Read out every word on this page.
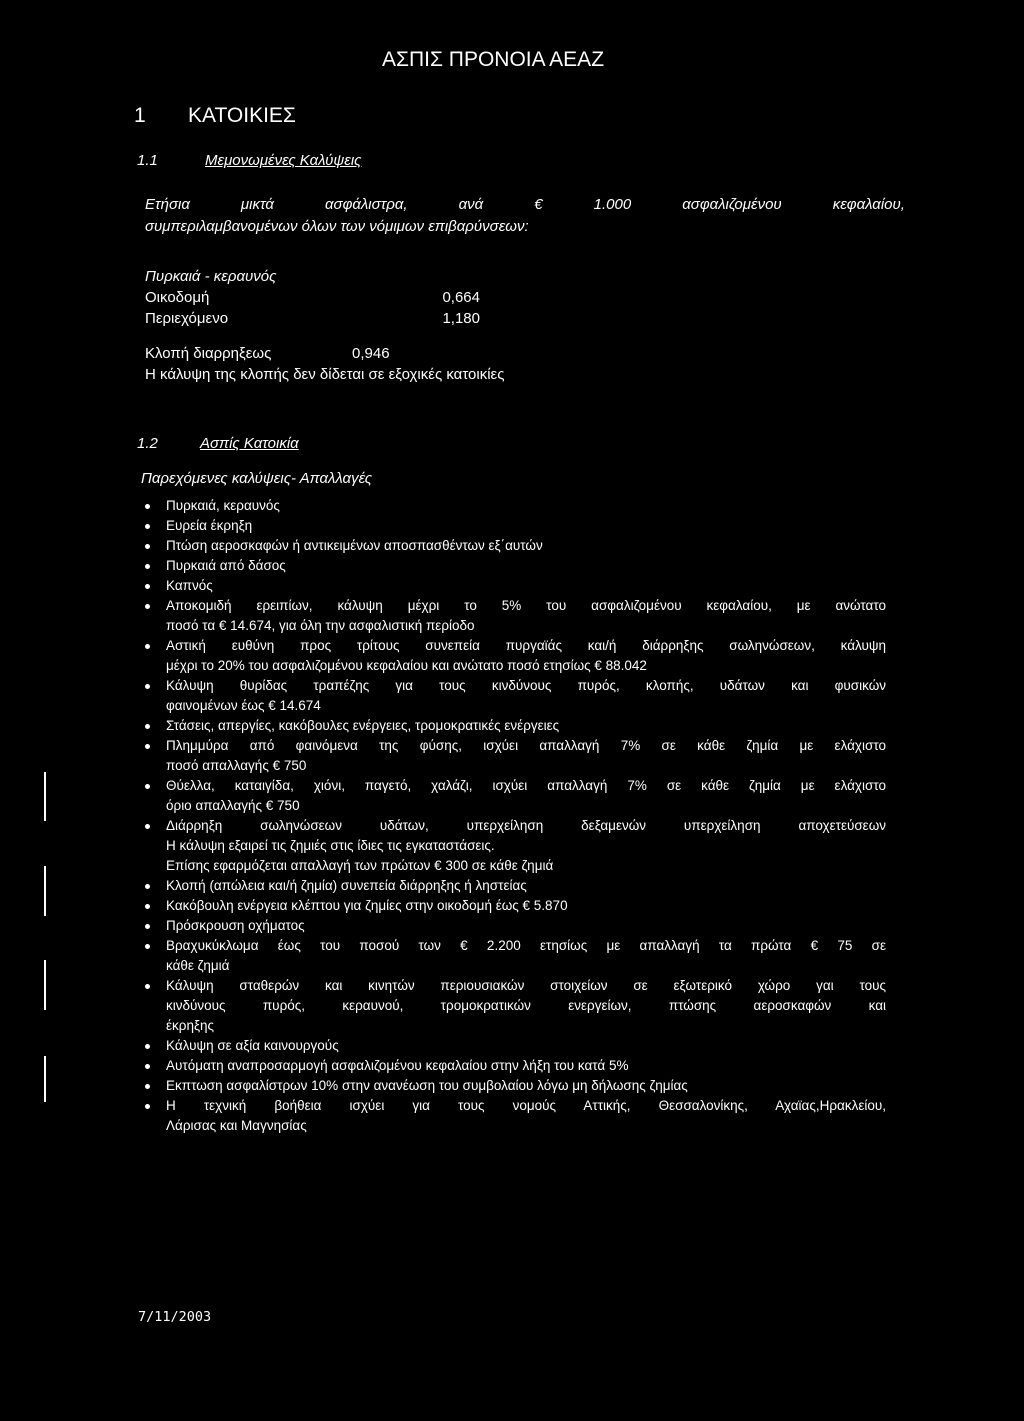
ΑΣΠΙΣ ΠΡΟΝΟΙΑ ΑΕΑΖ
1 ΚΑΤΟΙΚΙΕΣ
1.1	Μεμονωμένες Καλύψεις
Ετήσια	μικτά	ασφάλιστρα,	ανά	€	1.000	ασφαλιζομένου	κεφαλαίου,
συμπεριλαμβανομένων όλων των νόμιμων επιβαρύνσεων:
Πυρκαιά - κεραυνός
Οικοδομή	0,664
Περιεχόμενο	1,180
Κλοπή διαρρηξεως	0,946
Η κάλυψη της κλοπής δεν δίδεται σε εξοχικές κατοικίες
1.2	Ασπίς Κατοικία
Παρεχόμενες καλύψεις- Απαλλαγές
Πυρκαιά, κεραυνός
Ευρεία έκρηξη
Πτώση αεροσκαφών ή αντικειμένων αποσπασθέντων εξ΄αυτών
Πυρκαιά από δάσος
Καπνός
Αποκομιδή ερειπίων, κάλυψη μέχρι το 5% του ασφαλιζομένου κεφαλαίου, με ανώτατο
ποσό τα € 14.674, για όλη την ασφαλιστική περίοδο
Αστική ευθύνη προς τρίτους συνεπεία πυργαϊάς και/ή διάρρηξης σωληνώσεων, κάλυψη
μέχρι το 20% του ασφαλιζομένου κεφαλαίου και ανώτατο ποσό ετησίως € 88.042
Κάλυψη θυρίδας τραπέζης για τους κινδύνους πυρός, κλοπής, υδάτων και φυσικών
φαινομένων έως € 14.674
Στάσεις, απεργίες, κακόβουλες ενέργειες, τρομοκρατικές ενέργειες
Πλημμύρα από φαινόμενα της φύσης, ισχύει απαλλαγή 7% σε κάθε ζημία με ελάχιστο
ποσό απαλλαγής € 750
Θύελλα, καταιγίδα, χιόνι, παγετό, χαλάζι, ισχύει απαλλαγή 7% σε κάθε ζημία με ελάχιστο
όριο απαλλαγής € 750
Διάρρηξη σωληνώσεων υδάτων, υπερχείληση δεξαμενών υπερχείληση αποχετεύσεων
Η κάλυψη εξαιρεί τις ζημιές στις ίδιες τις εγκαταστάσεις.
Επίσης εφαρμόζεται απαλλαγή των πρώτων € 300 σε κάθε ζημιά
Κλοπή (απώλεια και/ή ζημία) συνεπεία διάρρηξης ή ληστείας
Κακόβουλη ενέργεια κλέπτου για ζημίες στην οικοδομή έως € 5.870
Πρόσκρουση οχήματος
Βραχυκύκλωμα έως του ποσού των € 2.200 ετησίως με απαλλαγή τα πρώτα € 75 σε
κάθε ζημιά
Κάλυψη σταθερών και κινητών περιουσιακών στοιχείων σε εξωτερικό χώρο γαι τους
κινδύνους πυρός, κεραυνού, τρομοκρατικών ενεργείων, πτώσης αεροσκαφών και
έκρηξης
Κάλυψη σε αξία καινουργούς
Αυτόματη αναπροσαρμογή ασφαλιζομένου κεφαλαίου στην λήξη του κατά 5%
Εκπτωση ασφαλίστρων 10% στην ανανέωση του συμβολαίου λόγω μη δήλωσης ζημίας
Η τεχνική βοήθεια ισχύει για τους νομούς Αττικής, Θεσσαλονίκης, Αχαϊας,Ηρακλείου,
Λάρισας και Μαγνησίας
7/11/2003
